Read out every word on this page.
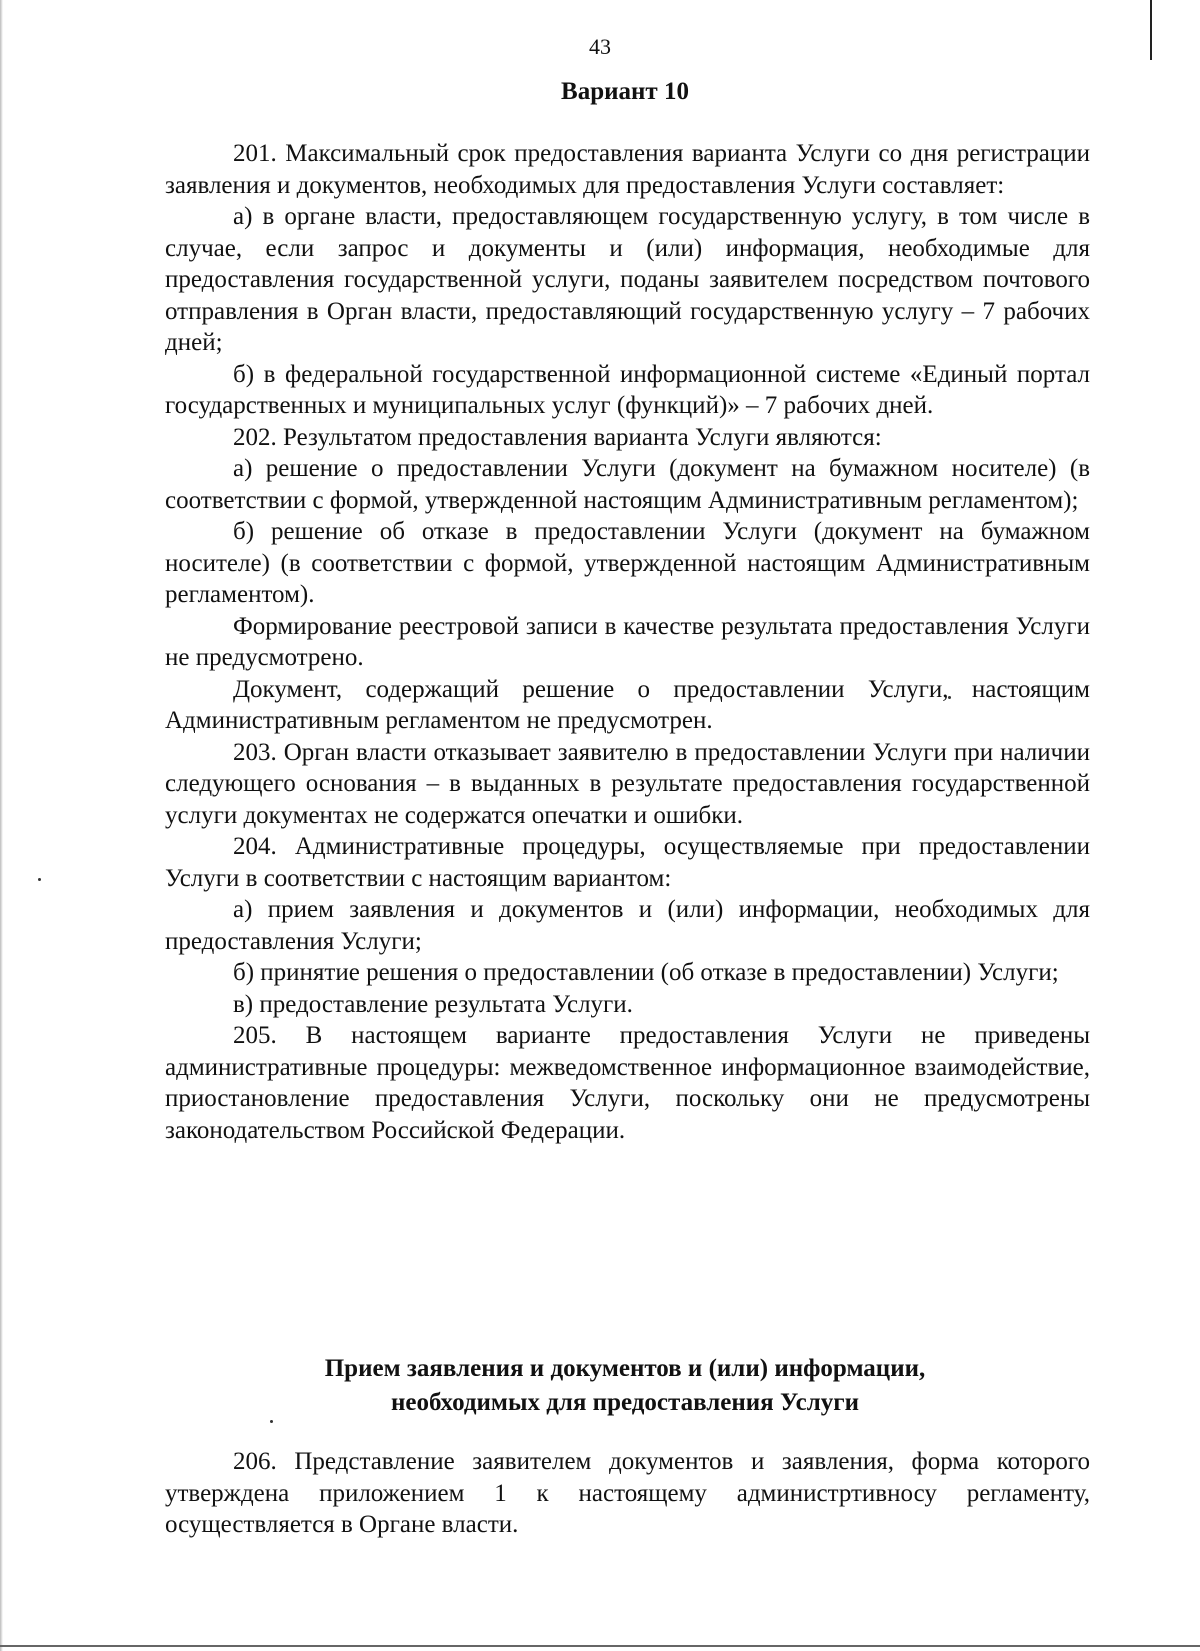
43
Вариант 10

201. Максимальный срок предоставления варианта Услуги со дня регистрации заявления и документов, необходимых для предоставления Услуги составляет:

а) в органе власти, предоставляющем государственную услугу, в том числе в случае, если запрос и документы и (или) информация, необходимые для предоставления государственной услуги, поданы заявителем посредством почтового отправления в Орган власти, предоставляющий государственную услугу – 7 рабочих дней;

б) в федеральной государственной информационной системе «Единый портал государственных и муниципальных услуг (функций)» – 7 рабочих дней.

202. Результатом предоставления варианта Услуги являются:

а) решение о предоставлении Услуги (документ на бумажном носителе) (в соответствии с формой, утвержденной настоящим Административным регламентом);

б) решение об отказе в предоставлении Услуги (документ на бумажном носителе) (в соответствии с формой, утвержденной настоящим Административным регламентом).

Формирование реестровой записи в качестве результата предоставления Услуги не предусмотрено.

Документ, содержащий решение о предоставлении Услуги, настоящим Административным регламентом не предусмотрен.

203. Орган власти отказывает заявителю в предоставлении Услуги при наличии следующего основания – в выданных в результате предоставления государственной услуги документах не содержатся опечатки и ошибки.

204. Административные процедуры, осуществляемые при предоставлении Услуги в соответствии с настоящим вариантом:

а) прием заявления и документов и (или) информации, необходимых для предоставления Услуги;

б) принятие решения о предоставлении (об отказе в предоставлении) Услуги;

в) предоставление результата Услуги.

205. В настоящем варианте предоставления Услуги не приведены административные процедуры: межведомственное информационное взаимодействие, приостановление предоставления Услуги, поскольку они не предусмотрены законодательством Российской Федерации.

Прием заявления и документов и (или) информации,
необходимых для предоставления Услуги

206. Представление заявителем документов и заявления, форма которого утверждена приложением 1 к настоящему администртивносу регламенту, осуществляется в Органе власти.
